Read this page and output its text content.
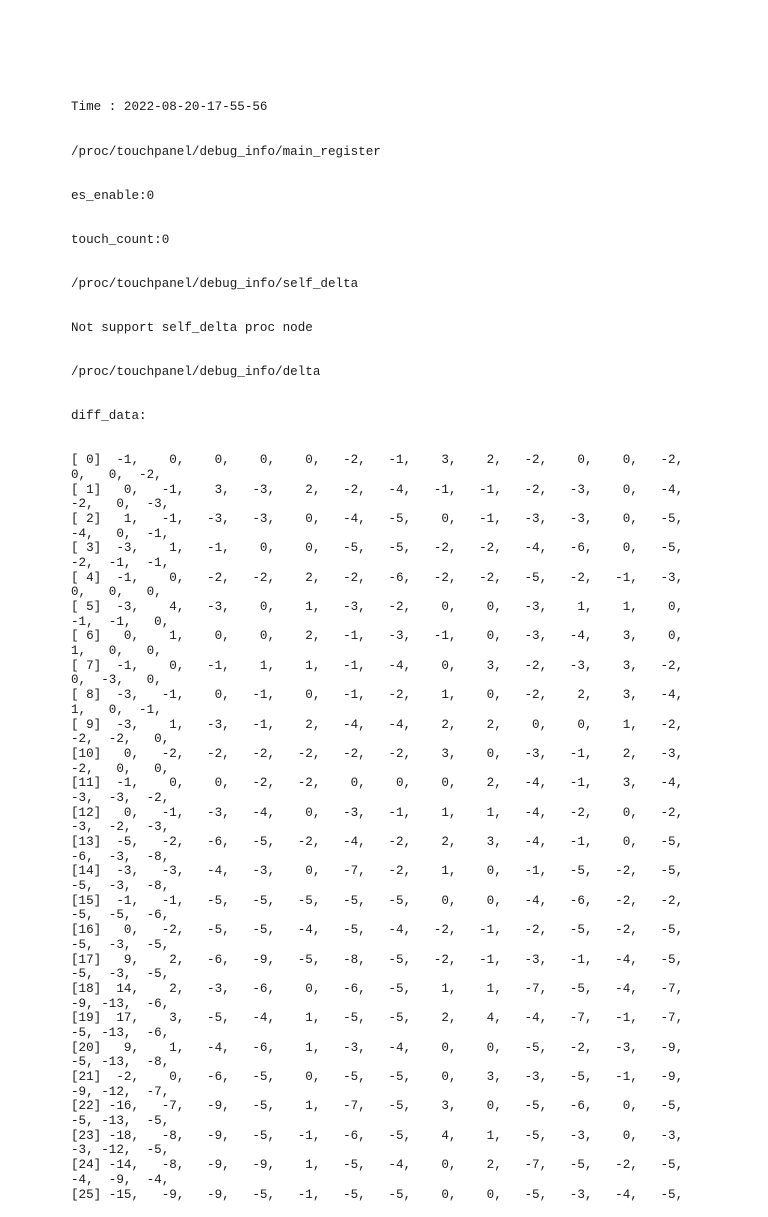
Time : 2022-08-20-17-55-56

/proc/touchpanel/debug_info/main_register

es_enable:0

touch_count:0

/proc/touchpanel/debug_info/self_delta

Not support self_delta proc node

/proc/touchpanel/debug_info/delta

diff_data:

[ 0]  -1,    0,    0,    0,    0,   -2,   -1,    3,    2,   -2,    0,    0,   -2,
0,   0,  -2,
[ 1]   0,   -1,    3,   -3,    2,   -2,   -4,   -1,   -1,   -2,   -3,    0,   -4,
-2,   0,  -3,
[ 2]   1,   -1,   -3,   -3,    0,   -4,   -5,    0,   -1,   -3,   -3,    0,   -5,
-4,   0,  -1,
[ 3]  -3,    1,   -1,    0,    0,   -5,   -5,   -2,   -2,   -4,   -6,    0,   -5,
-2,  -1,  -1,
[ 4]  -1,    0,   -2,   -2,    2,   -2,   -6,   -2,   -2,   -5,   -2,   -1,   -3,
0,   0,   0,
[ 5]  -3,    4,   -3,    0,    1,   -3,   -2,    0,    0,   -3,    1,    1,    0,
-1,  -1,   0,
[ 6]   0,    1,    0,    0,    2,   -1,   -3,   -1,    0,   -3,   -4,    3,    0,
1,   0,   0,
[ 7]  -1,    0,   -1,    1,    1,   -1,   -4,    0,    3,   -2,   -3,    3,   -2,
0,  -3,   0,
[ 8]  -3,   -1,    0,   -1,    0,   -1,   -2,    1,    0,   -2,    2,    3,   -4,
1,   0,  -1,
[ 9]  -3,    1,   -3,   -1,    2,   -4,   -4,    2,    2,    0,    0,    1,   -2,
-2,  -2,   0,
[10]   0,   -2,   -2,   -2,   -2,   -2,   -2,    3,    0,   -3,   -1,    2,   -3,
-2,   0,   0,
[11]  -1,    0,    0,   -2,   -2,    0,    0,    0,    2,   -4,   -1,    3,   -4,
-3,  -3,  -2,
[12]   0,   -1,   -3,   -4,    0,   -3,   -1,    1,    1,   -4,   -2,    0,   -2,
-3,  -2,  -3,
[13]  -5,   -2,   -6,   -5,   -2,   -4,   -2,    2,    3,   -4,   -1,    0,   -5,
-6,  -3,  -8,
[14]  -3,   -3,   -4,   -3,    0,   -7,   -2,    1,    0,   -1,   -5,   -2,   -5,
-5,  -3,  -8,
[15]  -1,   -1,   -5,   -5,   -5,   -5,   -5,    0,    0,   -4,   -6,   -2,   -2,
-5,  -5,  -6,
[16]   0,   -2,   -5,   -5,   -4,   -5,   -4,   -2,   -1,   -2,   -5,   -2,   -5,
-5,  -3,  -5,
[17]   9,    2,   -6,   -9,   -5,   -8,   -5,   -2,   -1,   -3,   -1,   -4,   -5,
-5,  -3,  -5,
[18]  14,    2,   -3,   -6,    0,   -6,   -5,    1,    1,   -7,   -5,   -4,   -7,
-9, -13,  -6,
[19]  17,    3,   -5,   -4,    1,   -5,   -5,    2,    4,   -4,   -7,   -1,   -7,
-5, -13,  -6,
[20]   9,    1,   -4,   -6,    1,   -3,   -4,    0,    0,   -5,   -2,   -3,   -9,
-5, -13,  -8,
[21]  -2,    0,   -6,   -5,    0,   -5,   -5,    0,    3,   -3,   -5,   -1,   -9,
-9, -12,  -7,
[22] -16,   -7,   -9,   -5,    1,   -7,   -5,    3,    0,   -5,   -6,    0,   -5,
-5, -13,  -5,
[23] -18,   -8,   -9,   -5,   -1,   -6,   -5,    4,    1,   -5,   -3,    0,   -3,
-3, -12,  -5,
[24] -14,   -8,   -9,   -9,    1,   -5,   -4,    0,    2,   -7,   -5,   -2,   -5,
-4,  -9,  -4,
[25] -15,   -9,   -9,   -5,   -1,   -5,   -5,    0,    0,   -5,   -3,   -4,   -5,
